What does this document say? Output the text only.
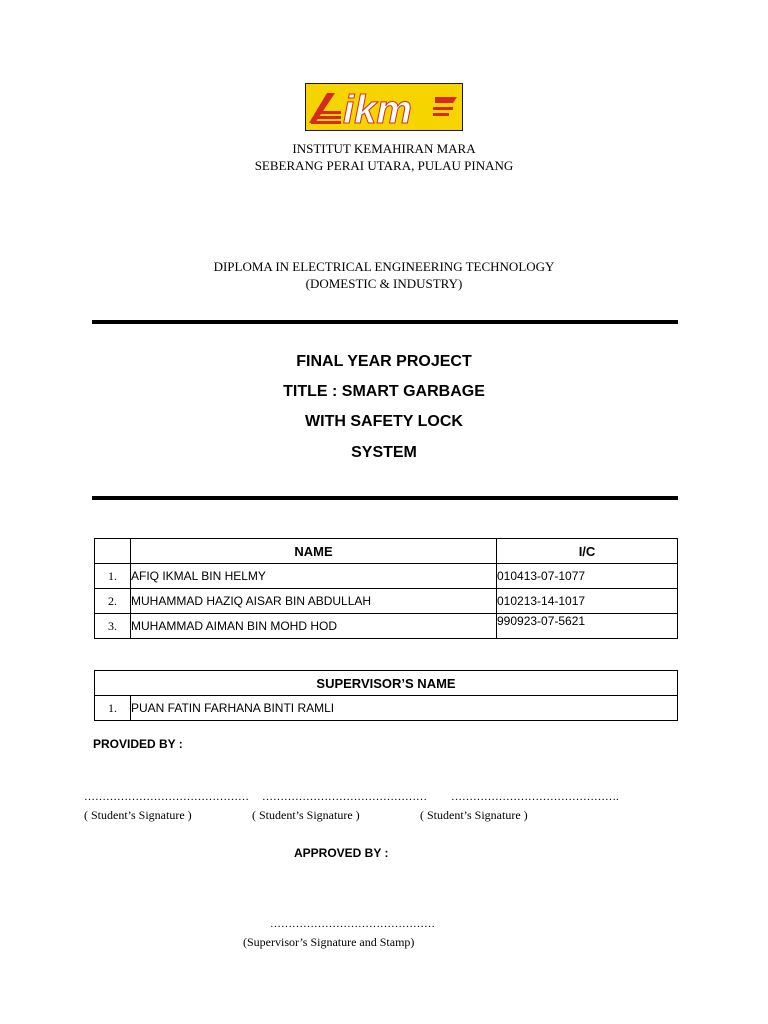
ikm
INSTITUT KEMAHIRAN MARA
SEBERANG PERAI UTARA, PULAU PINANG
DIPLOMA IN ELECTRICAL ENGINEERING TECHNOLOGY
(DOMESTIC & INDUSTRY)
FINAL YEAR PROJECT
TITLE : SMART GARBAGE
WITH SAFETY LOCK
SYSTEM
	NAME	I/C
1.	AFIQ IKMAL BIN HELMY	010413-07-1077
2.	MUHAMMAD HAZIQ AISAR BIN ABDULLAH	010213-14-1017
3.	MUHAMMAD AIMAN BIN MOHD HOD	990923-07-5621
SUPERVISOR’S NAME
1.	PUAN FATIN FARHANA BINTI RAMLI
PROVIDED BY :
……………………………………… ……………………………………… ……………………………………….
( Student’s Signature )	( Student’s Signature )	( Student’s Signature )
APPROVED BY :
………………………………………
(Supervisor’s Signature and Stamp)
